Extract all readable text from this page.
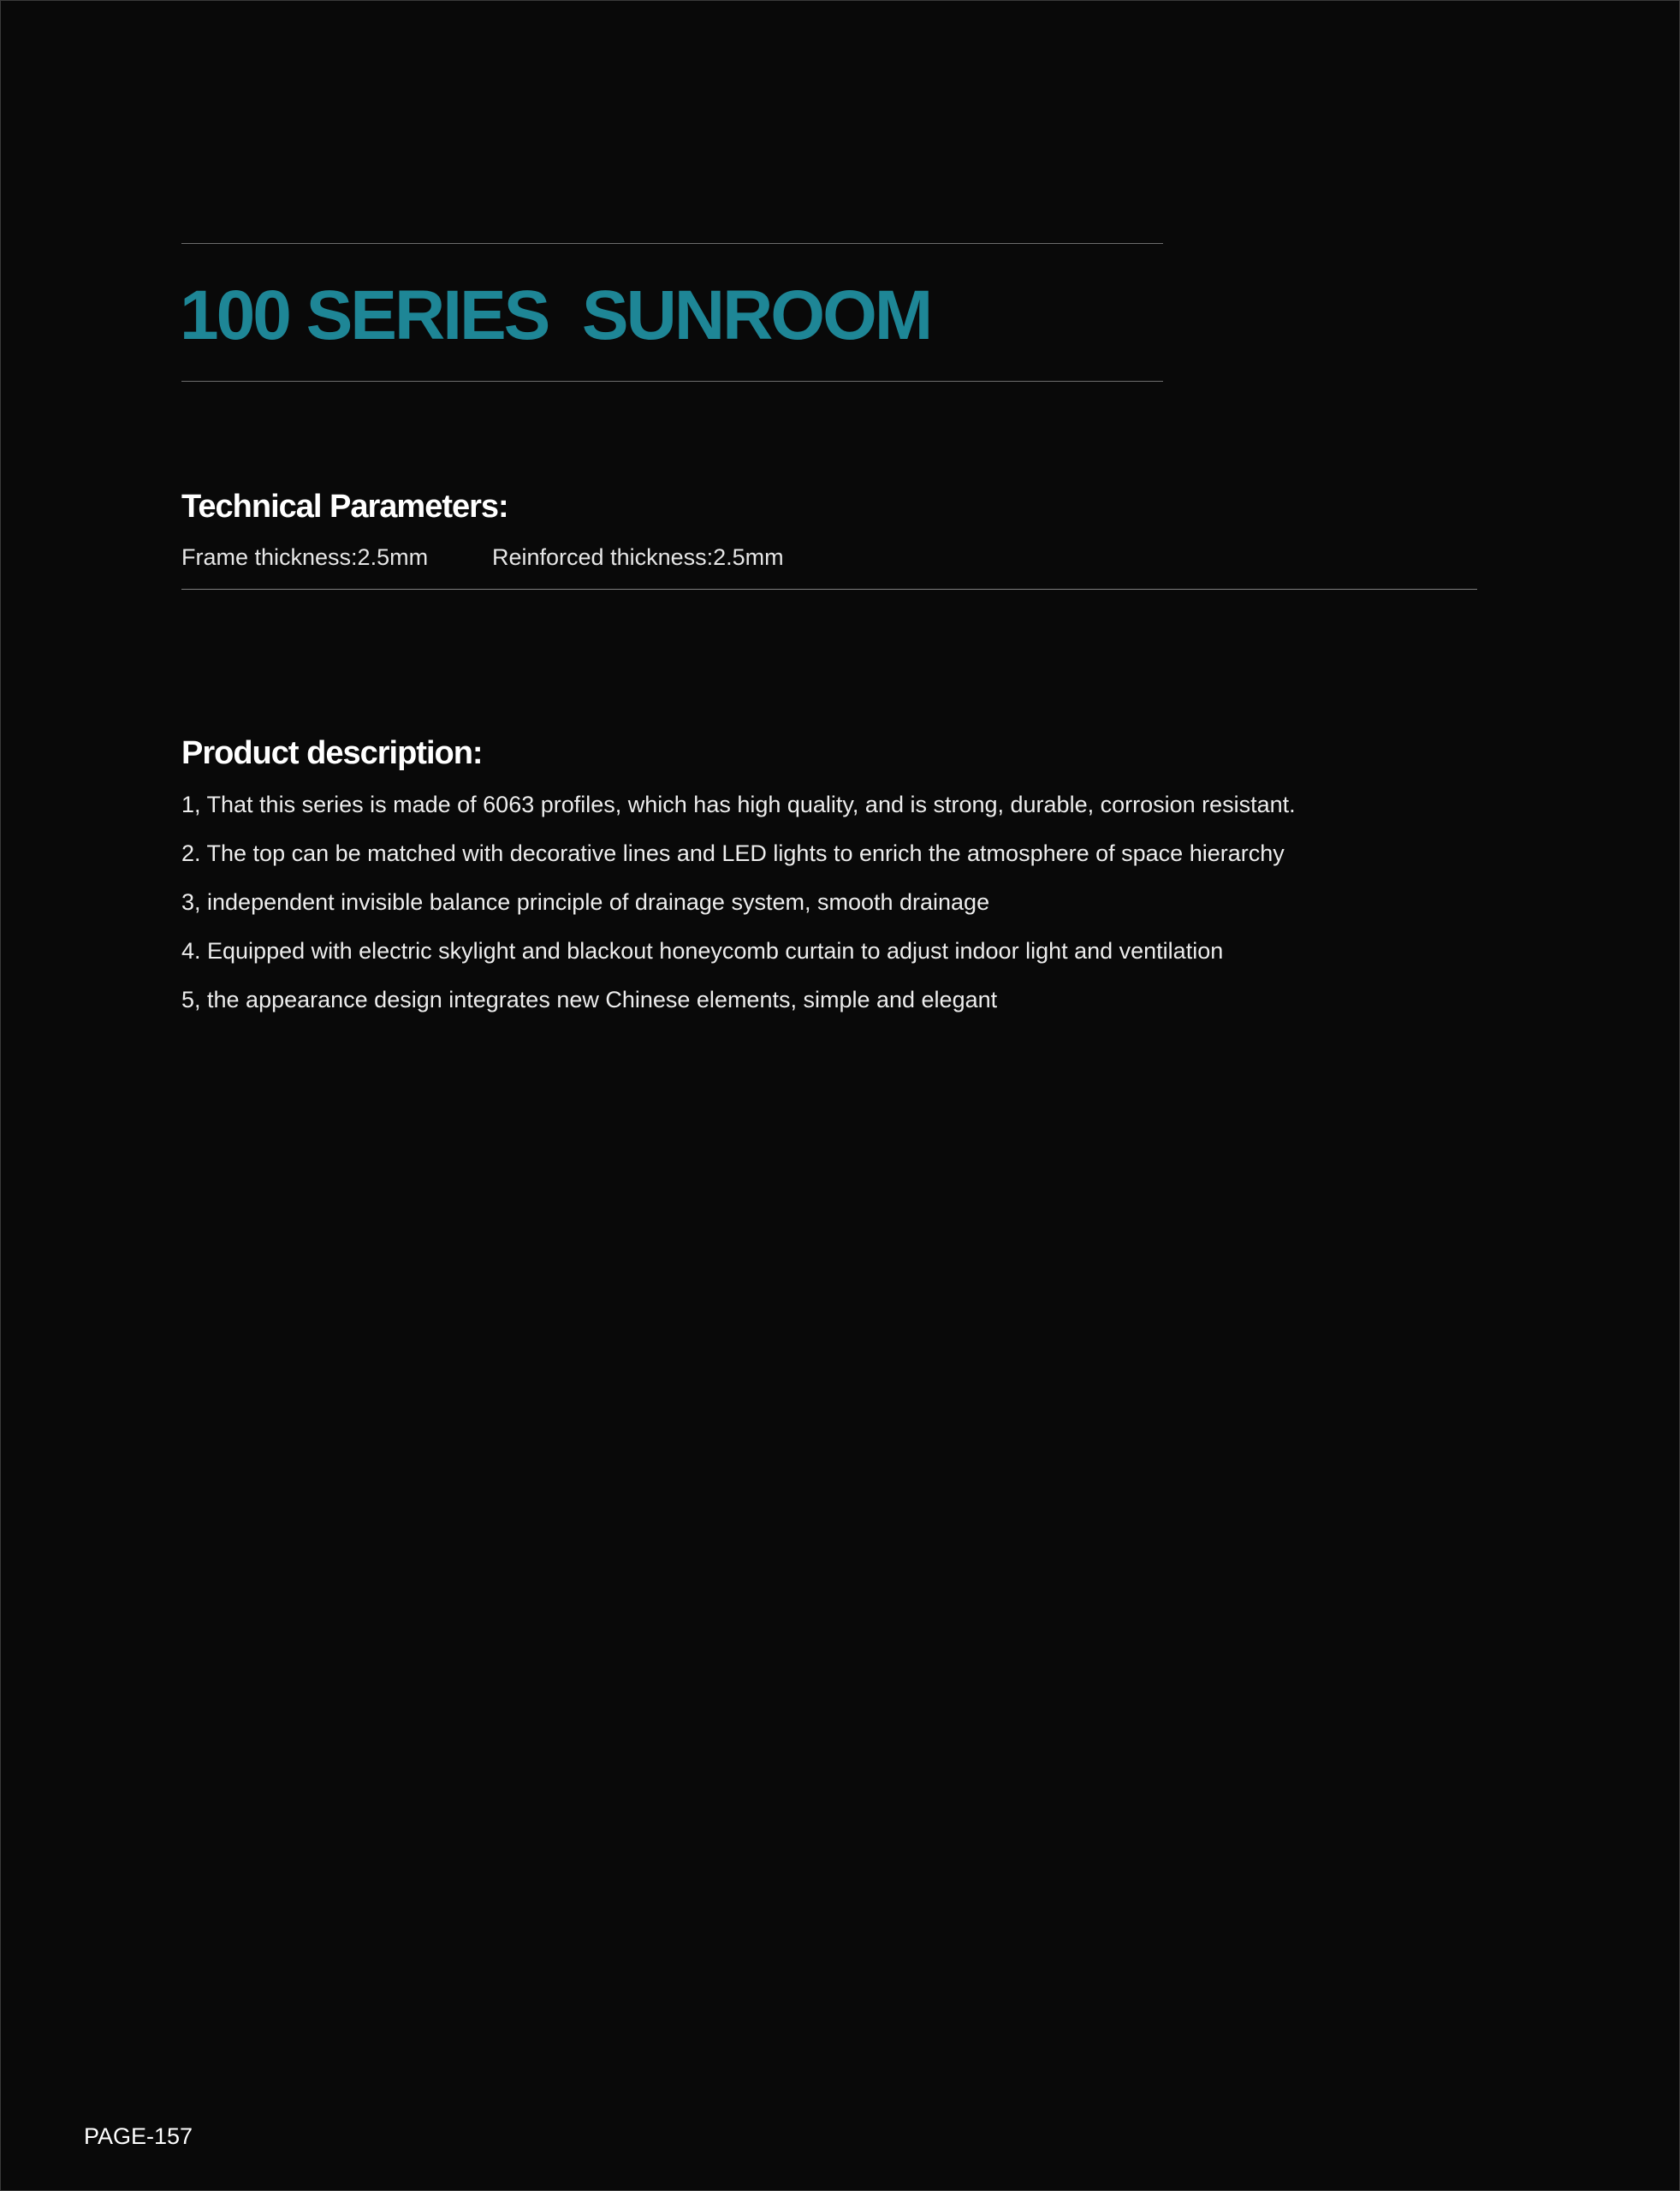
100 SERIES  SUNROOM
Technical Parameters:
Frame thickness:2.5mm	Reinforced thickness:2.5mm
Product description:
1, That this series is made of 6063 profiles, which has high quality, and is strong, durable, corrosion resistant.
2. The top can be matched with decorative lines and LED lights to enrich the atmosphere of space hierarchy
3, independent invisible balance principle of drainage system, smooth drainage
4. Equipped with electric skylight and blackout honeycomb curtain to adjust indoor light and ventilation
5, the appearance design integrates new Chinese elements, simple and elegant
PAGE-157
